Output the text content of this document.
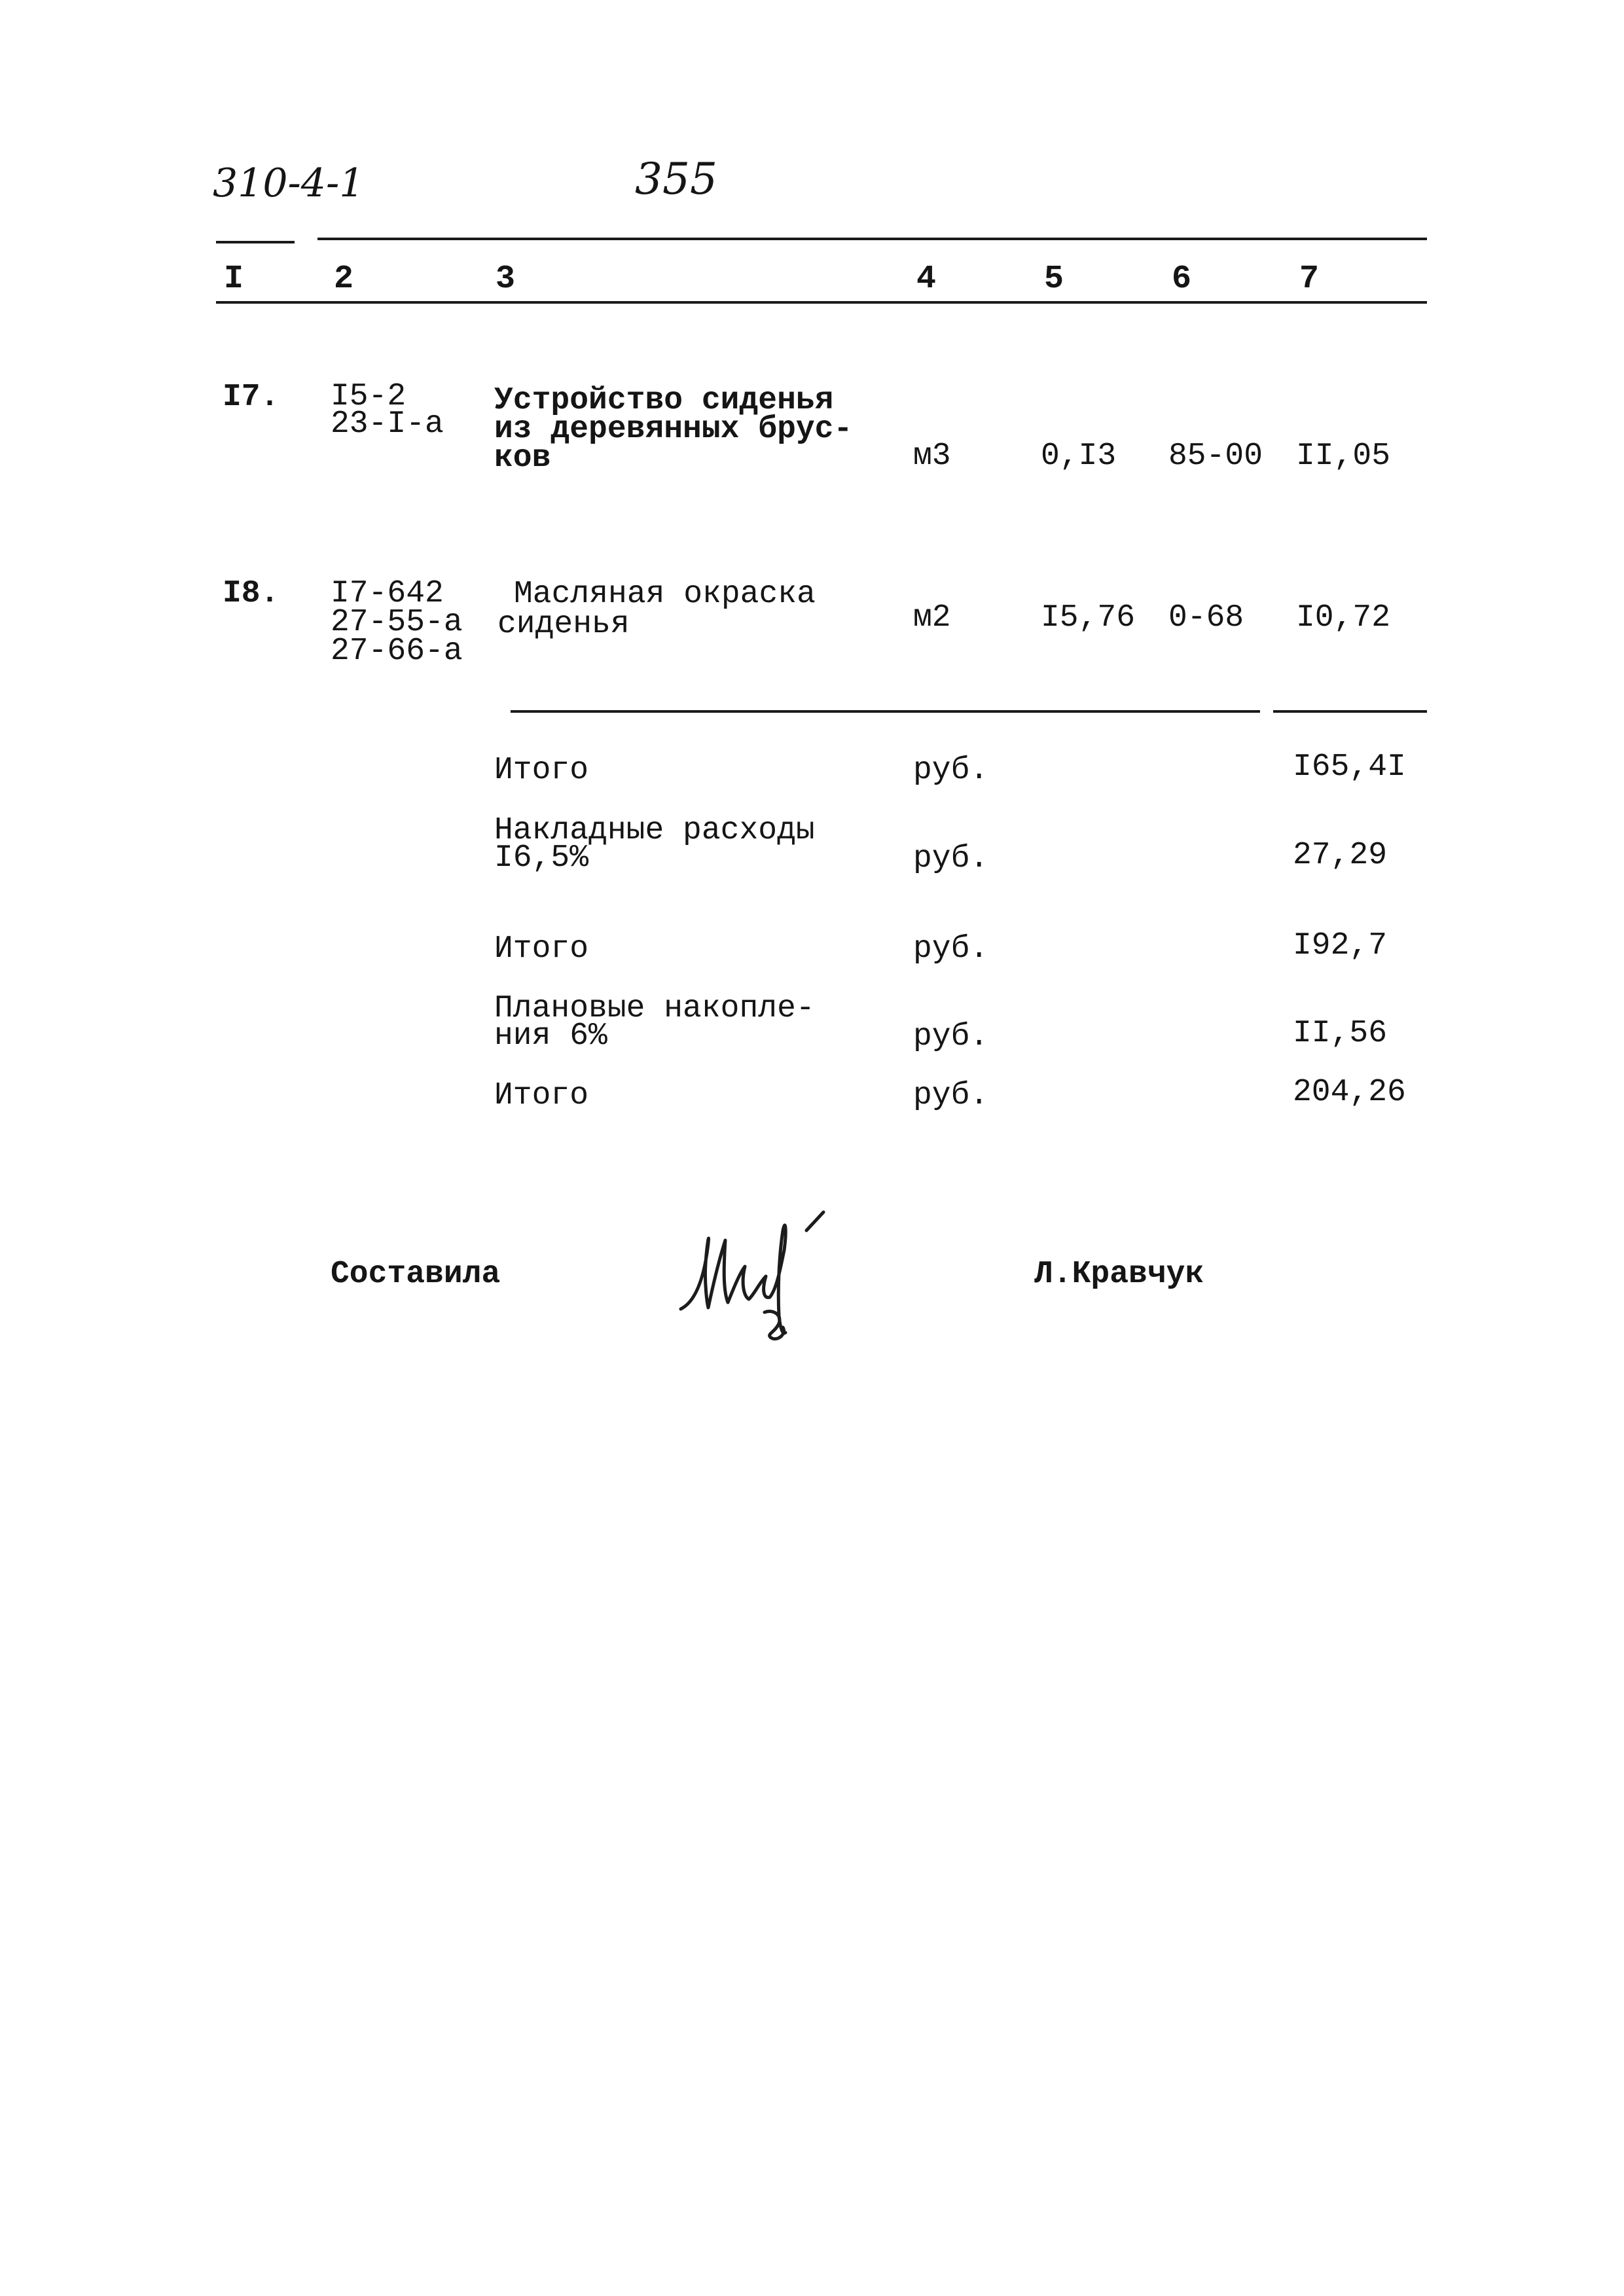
310-4-1	355
I	2	3	4	5	6	7
I7. I5-2
23-I-a
Устройство сиденья
из деревянных брус-
ков	м3	0,I3 85-00 II,05
I8. I7-642
27-55-a
27-66-a
Масляная окраска
сиденья	м2	I5,76 0-68 I0,72
Итого	руб.	I65,4I
Накладные расходы
I6,5%	руб.	27,29
Итого	руб.	I92,7
Плановые накопле-
ния 6%	руб.	II,56
Итого	руб.	204,26
Составила	Л.Кравчук
